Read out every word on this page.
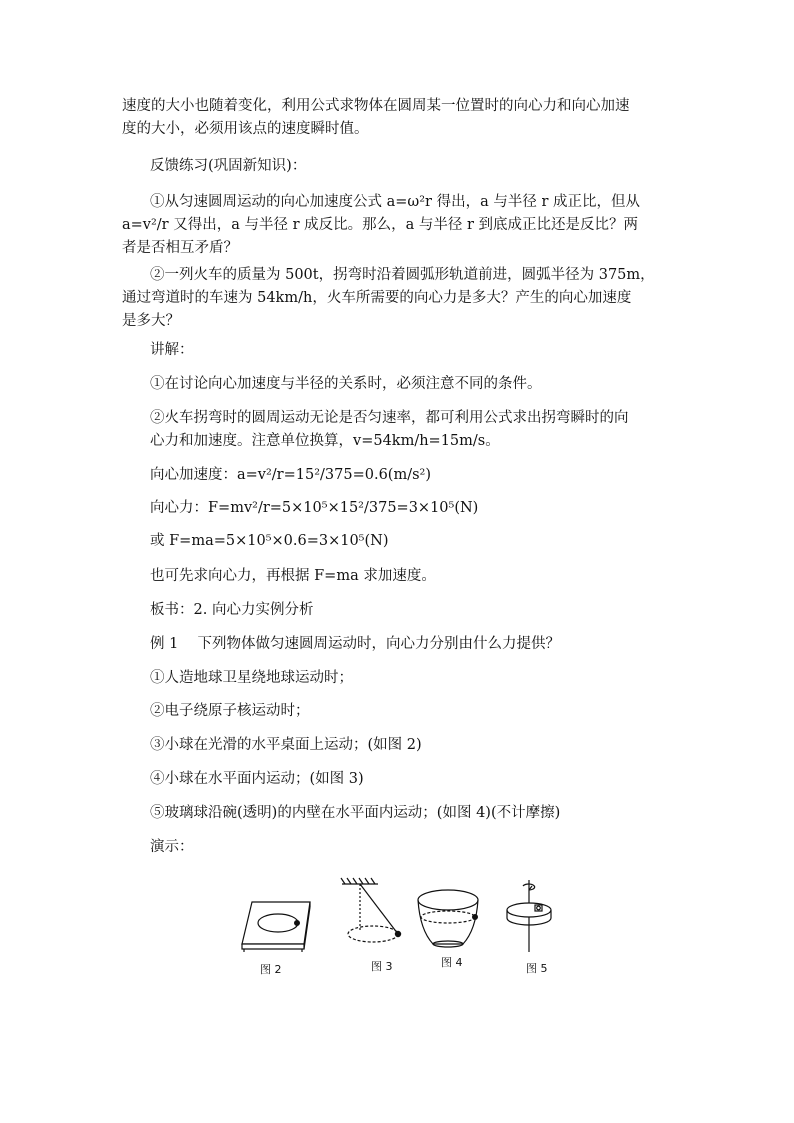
速度的大小也随着变化，利用公式求物体在圆周某一位置时的向心力和向心加速
度的大小，必须用该点的速度瞬时值。
反馈练习(巩固新知识)：
①从匀速圆周运动的向心加速度公式 a=ω²r 得出，a 与半径 r 成正比，但从
a=v²/r 又得出，a 与半径 r 成反比。那么，a 与半径 r 到底成正比还是反比？两
者是否相互矛盾？
②一列火车的质量为 500t，拐弯时沿着圆弧形轨道前进，圆弧半径为 375m，
通过弯道时的车速为 54km/h，火车所需要的向心力是多大？产生的向心加速度
是多大？
讲解：
①在讨论向心加速度与半径的关系时，必须注意不同的条件。
②火车拐弯时的圆周运动无论是否匀速率，都可利用公式求出拐弯瞬时的向
心力和加速度。注意单位换算，v=54km/h=15m/s。
向心加速度：a=v²/r=15²/375=0.6(m/s²)
向心力：F=mv²/r=5×10⁵×15²/375=3×10⁵(N)
或 F=ma=5×10⁵×0.6=3×10⁵(N)
也可先求向心力，再根据 F=ma 求加速度。
板书：2. 向心力实例分析
例 1　 下列物体做匀速圆周运动时，向心力分别由什么力提供？
①人造地球卫星绕地球运动时；
②电子绕原子核运动时；
③小球在光滑的水平桌面上运动；(如图 2)
④小球在水平面内运动；(如图 3)
⑤玻璃球沿碗(透明)的内壁在水平面内运动；(如图 4)(不计摩擦)
演示：
图 2	图 3	图 4	图 5
